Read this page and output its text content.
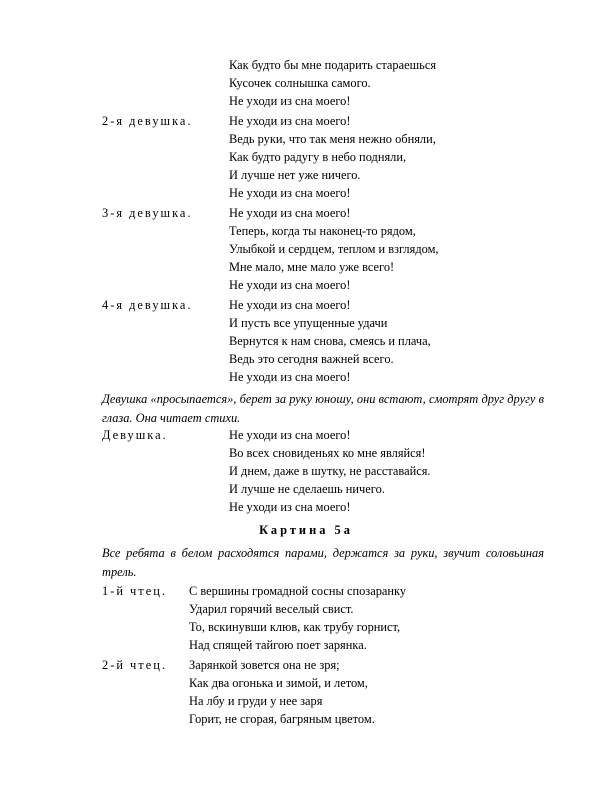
Как будто бы мне подарить стараешься
Кусочек солнышка самого.
Не уходи из сна моего!
2-я девушка.	Не уходи из сна моего!
Ведь руки, что так меня нежно обняли,
Как будто радугу в небо подняли,
И лучше нет уже ничего.
Не уходи из сна моего!
3-я девушка.	Не уходи из сна моего!
Теперь, когда ты наконец-то рядом,
Улыбкой и сердцем, теплом и взглядом,
Мне мало, мне мало уже всего!
Не уходи из сна моего!
4-я девушка.	Не уходи из сна моего!
И пусть все упущенные удачи
Вернутся к нам снова, смеясь и плача,
Ведь это сегодня важней всего.
Не уходи из сна моего!
Девушка «просыпается», берет за руку юношу, они встают, смотрят друг другу в глаза. Она читает стихи.
Девушка.	Не уходи из сна моего!
Во всех сновиденьях ко мне являйся!
И днем, даже в шутку, не расставайся.
И лучше не сделаешь ничего.
Не уходи из сна моего!
Картина 5а
Все ребята в белом расходятся парами, держатся за руки, звучит соловьиная трель.
1-й чтец. С вершины громадной сосны спозаранку
Ударил горячий веселый свист.
То, вскинувши клюв, как трубу горнист,
Над спящей тайгою поет зарянка.
2-й чтец. Зарянкой зовется она не зря;
Как два огонька и зимой, и летом,
На лбу и груди у нее заря
Горит, не сгорая, багряным цветом.
